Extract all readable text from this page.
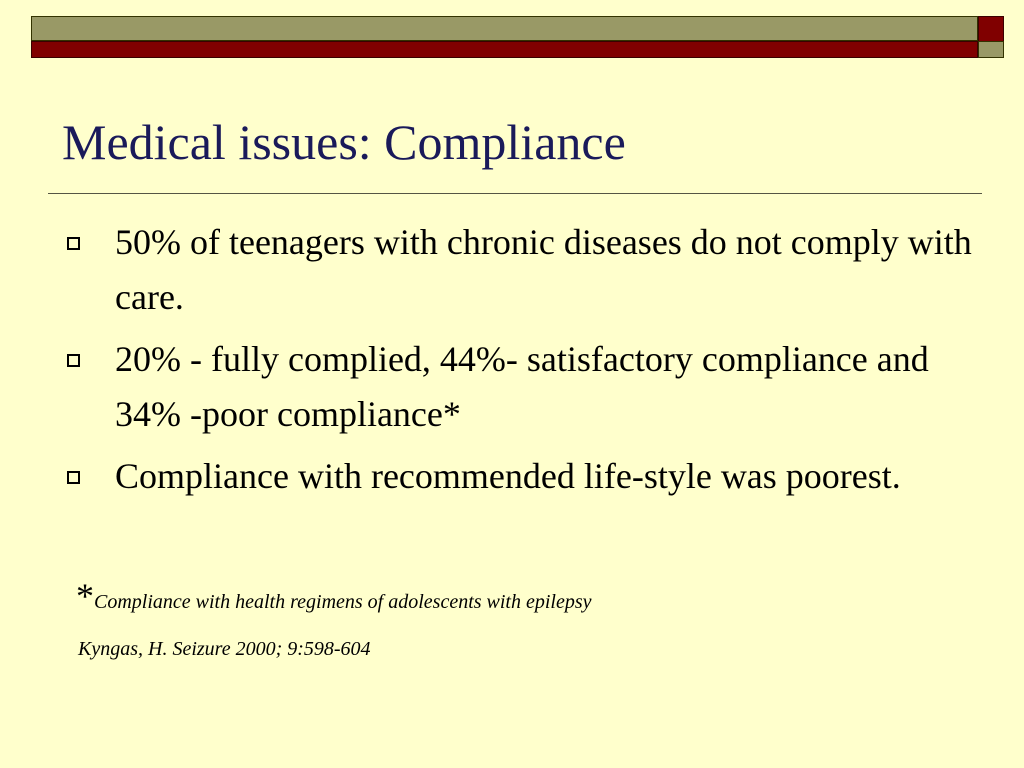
Medical issues: Compliance
50% of teenagers with chronic diseases do not comply with care.
20% - fully complied, 44%- satisfactory compliance and 34% -poor compliance*
Compliance with recommended life-style was poorest.

*Compliance with health regimens of adolescents with epilepsy

Kyngas, H. Seizure 2000; 9:598-604
